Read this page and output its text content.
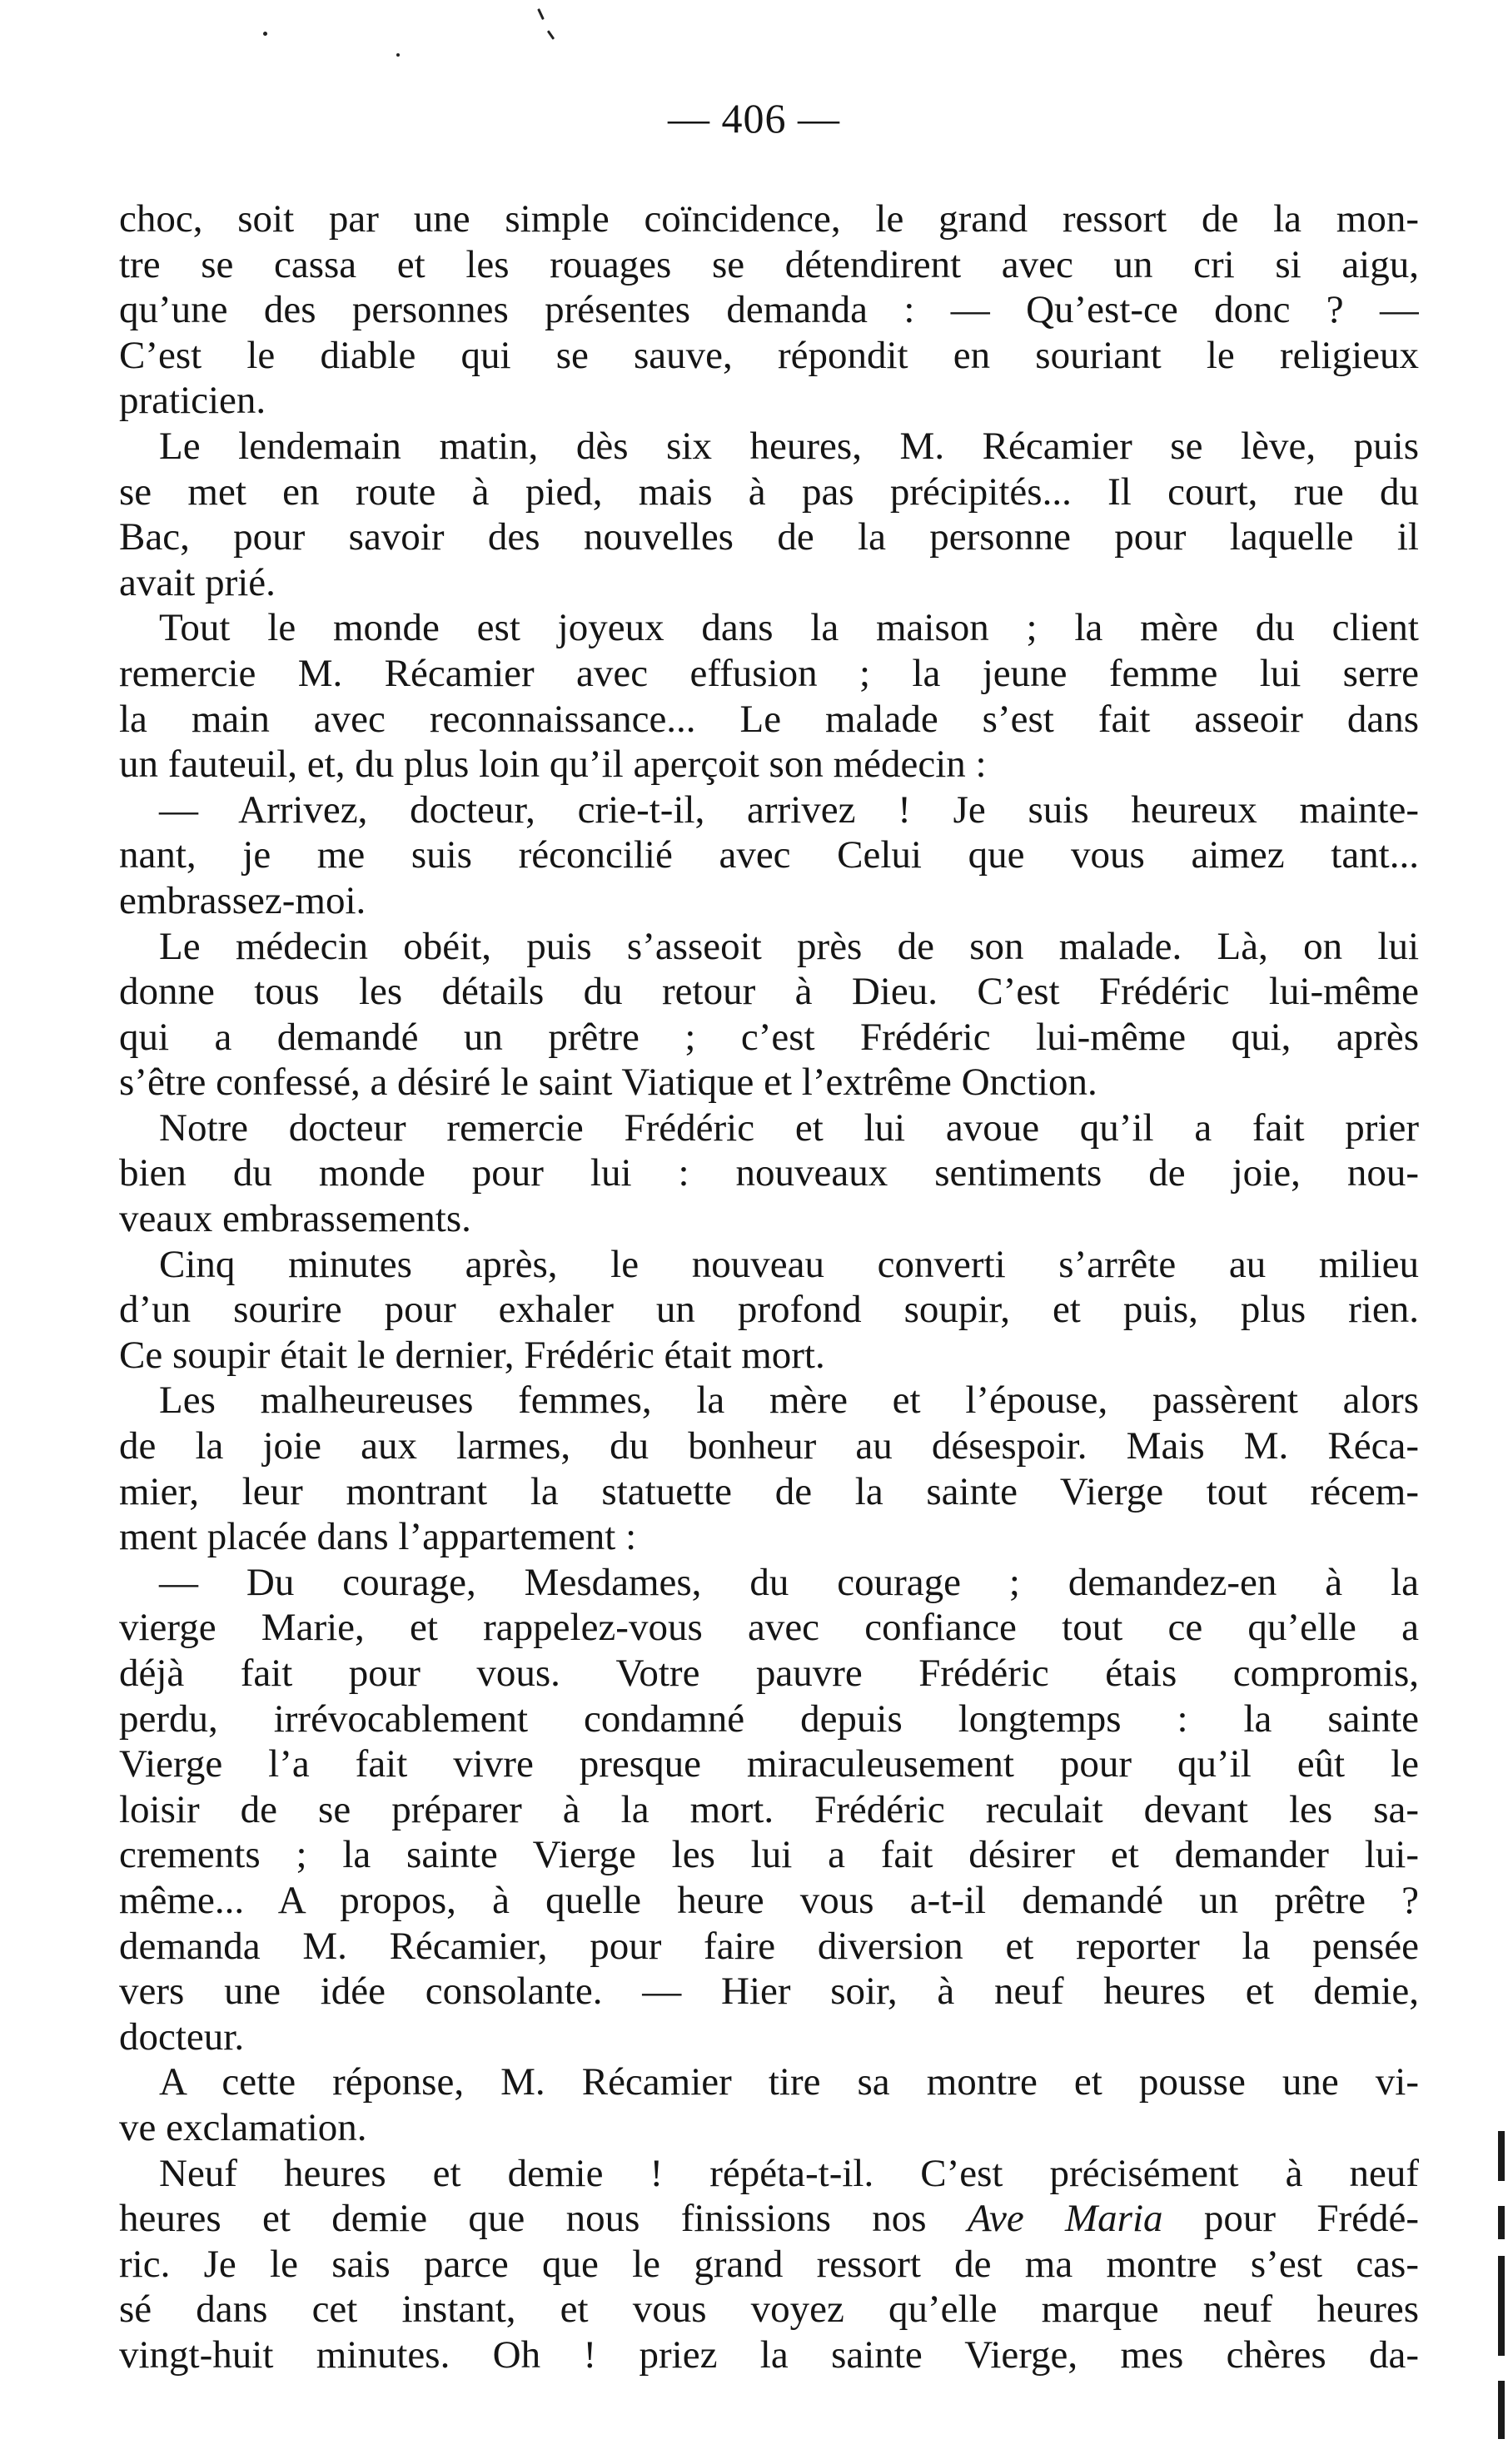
— 406 —
choc, soit par une simple coïncidence, le grand ressort de la mon-
tre se cassa et les rouages se détendirent avec un cri si aigu,
qu’une des personnes présentes demanda : — Qu’est-ce donc ? —
C’est le diable qui se sauve, répondit en souriant le religieux
praticien.
Le lendemain matin, dès six heures, M. Récamier se lève, puis
se met en route à pied, mais à pas précipités... Il court, rue du
Bac, pour savoir des nouvelles de la personne pour laquelle il
avait prié.
Tout le monde est joyeux dans la maison ; la mère du client
remercie M. Récamier avec effusion ; la jeune femme lui serre
la main avec reconnaissance... Le malade s’est fait asseoir dans
un fauteuil, et, du plus loin qu’il aperçoit son médecin :
— Arrivez, docteur, crie-t-il, arrivez ! Je suis heureux mainte-
nant, je me suis réconcilié avec Celui que vous aimez tant...
embrassez-moi.
Le médecin obéit, puis s’asseoit près de son malade. Là, on lui
donne tous les détails du retour à Dieu. C’est Frédéric lui-même
qui a demandé un prêtre ; c’est Frédéric lui-même qui, après
s’être confessé, a désiré le saint Viatique et l’extrême Onction.
Notre docteur remercie Frédéric et lui avoue qu’il a fait prier
bien du monde pour lui : nouveaux sentiments de joie, nou-
veaux embrassements.
Cinq minutes après, le nouveau converti s’arrête au milieu
d’un sourire pour exhaler un profond soupir, et puis, plus rien.
Ce soupir était le dernier, Frédéric était mort.
Les malheureuses femmes, la mère et l’épouse, passèrent alors
de la joie aux larmes, du bonheur au désespoir. Mais M. Réca-
mier, leur montrant la statuette de la sainte Vierge tout récem-
ment placée dans l’appartement :
— Du courage, Mesdames, du courage ; demandez-en à la
vierge Marie, et rappelez-vous avec confiance tout ce qu’elle a
déjà fait pour vous. Votre pauvre Frédéric étais compromis,
perdu, irrévocablement condamné depuis longtemps : la sainte
Vierge l’a fait vivre presque miraculeusement pour qu’il eût le
loisir de se préparer à la mort. Frédéric reculait devant les sa-
crements ; la sainte Vierge les lui a fait désirer et demander lui-
même... A propos, à quelle heure vous a-t-il demandé un prêtre ?
demanda M. Récamier, pour faire diversion et reporter la pensée
vers une idée consolante. — Hier soir, à neuf heures et demie,
docteur.
A cette réponse, M. Récamier tire sa montre et pousse une vi-
ve exclamation.
Neuf heures et demie ! répéta-t-il. C’est précisément à neuf
heures et demie que nous finissions nos Ave Maria pour Frédé-
ric. Je le sais parce que le grand ressort de ma montre s’est cas-
sé dans cet instant, et vous voyez qu’elle marque neuf heures
vingt-huit minutes. Oh ! priez la sainte Vierge, mes chères da-
